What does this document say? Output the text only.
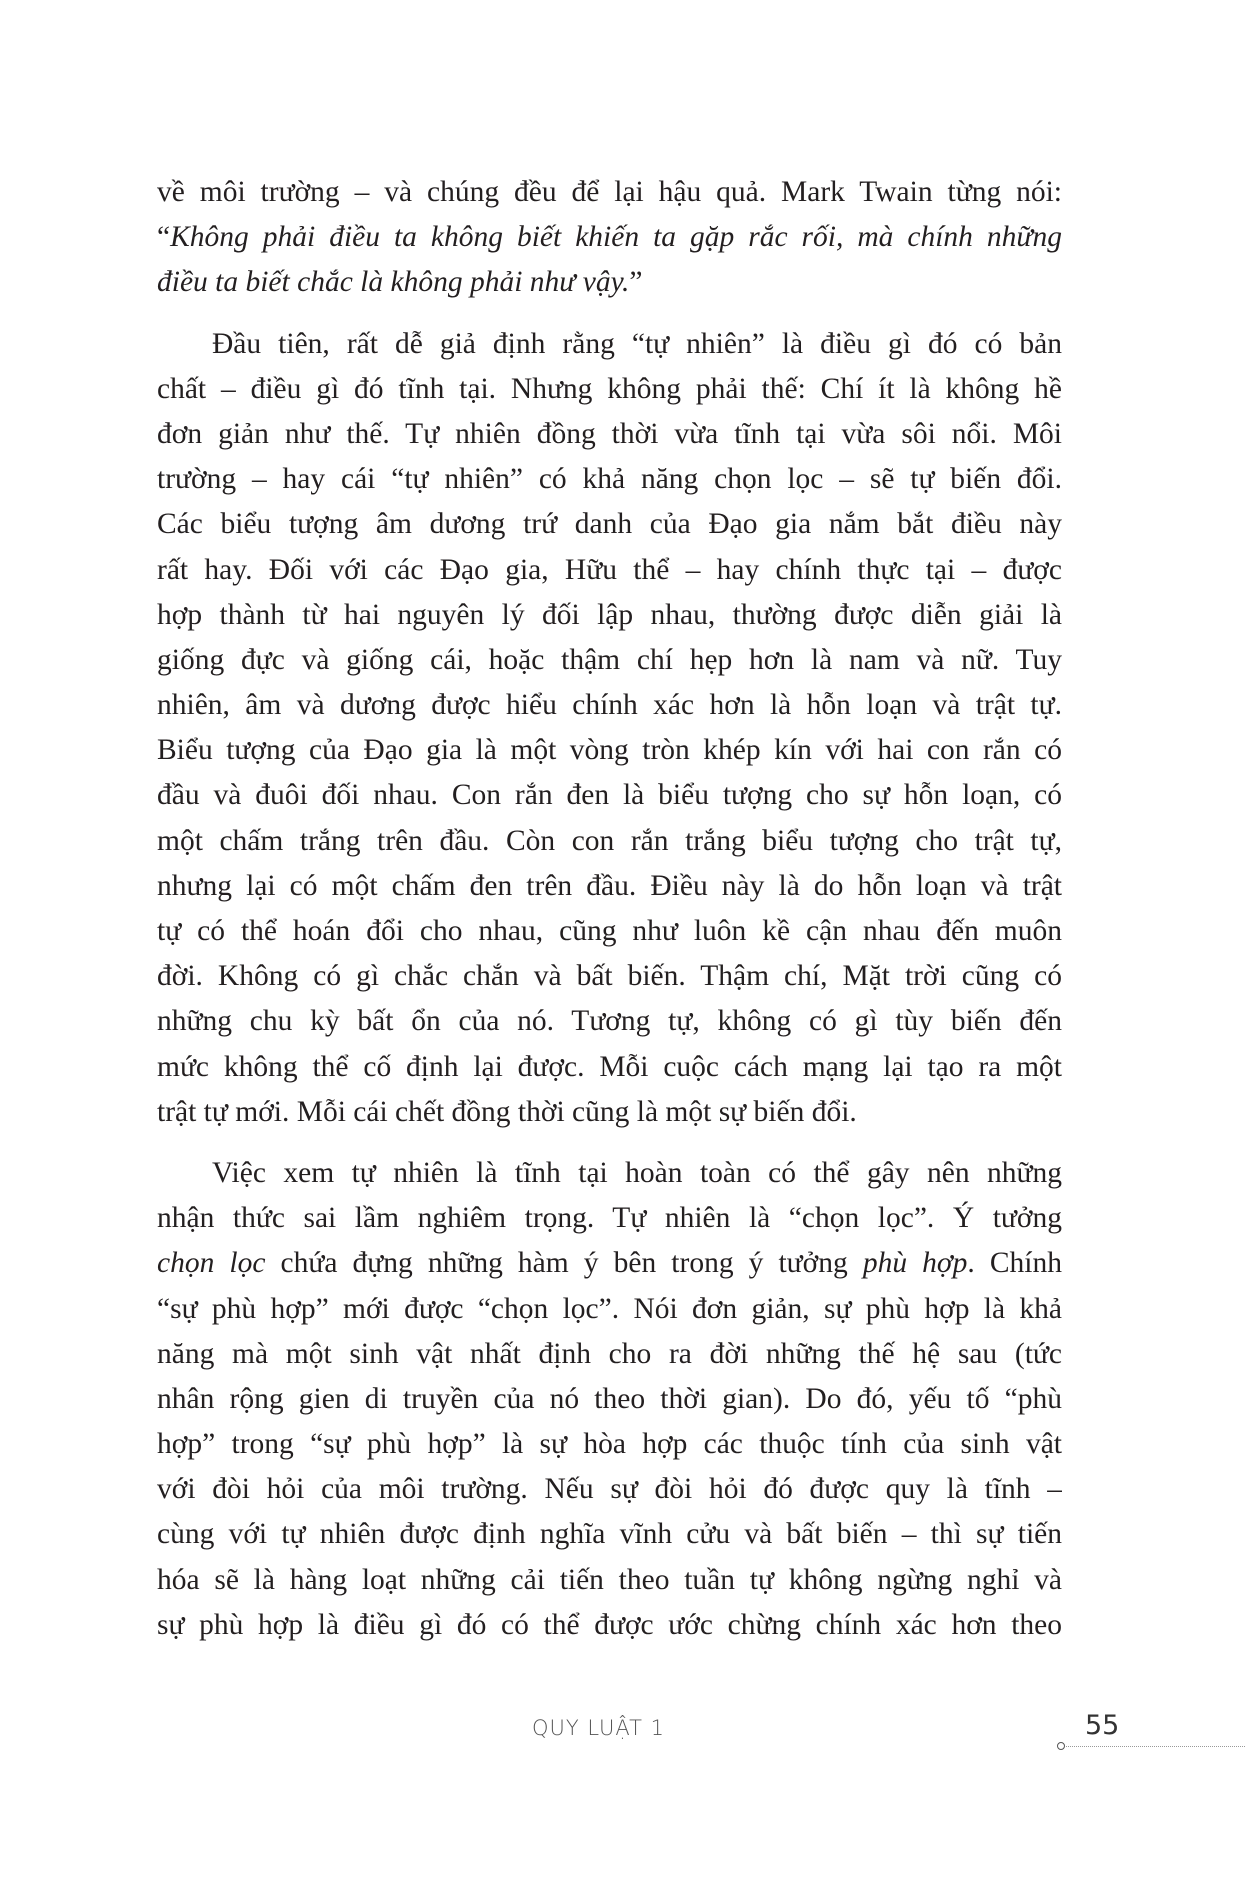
về môi trường – và chúng đều để lại hậu quả. Mark Twain từng nói:
“Không phải điều ta không biết khiến ta gặp rắc rối, mà chính những
điều ta biết chắc là không phải như vậy.”
Đầu tiên, rất dễ giả định rằng “tự nhiên” là điều gì đó có bản
chất – điều gì đó tĩnh tại. Nhưng không phải thế: Chí ít là không hề
đơn giản như thế. Tự nhiên đồng thời vừa tĩnh tại vừa sôi nổi. Môi
trường – hay cái “tự nhiên” có khả năng chọn lọc – sẽ tự biến đổi.
Các biểu tượng âm dương trứ danh của Đạo gia nắm bắt điều này
rất hay. Đối với các Đạo gia, Hữu thể – hay chính thực tại – được
hợp thành từ hai nguyên lý đối lập nhau, thường được diễn giải là
giống đực và giống cái, hoặc thậm chí hẹp hơn là nam và nữ. Tuy
nhiên, âm và dương được hiểu chính xác hơn là hỗn loạn và trật tự.
Biểu tượng của Đạo gia là một vòng tròn khép kín với hai con rắn có
đầu và đuôi đối nhau. Con rắn đen là biểu tượng cho sự hỗn loạn, có
một chấm trắng trên đầu. Còn con rắn trắng biểu tượng cho trật tự,
nhưng lại có một chấm đen trên đầu. Điều này là do hỗn loạn và trật
tự có thể hoán đổi cho nhau, cũng như luôn kề cận nhau đến muôn
đời. Không có gì chắc chắn và bất biến. Thậm chí, Mặt trời cũng có
những chu kỳ bất ổn của nó. Tương tự, không có gì tùy biến đến
mức không thể cố định lại được. Mỗi cuộc cách mạng lại tạo ra một
trật tự mới. Mỗi cái chết đồng thời cũng là một sự biến đổi.
Việc xem tự nhiên là tĩnh tại hoàn toàn có thể gây nên những
nhận thức sai lầm nghiêm trọng. Tự nhiên là “chọn lọc”. Ý tưởng
chọn lọc chứa đựng những hàm ý bên trong ý tưởng phù hợp. Chính
“sự phù hợp” mới được “chọn lọc”. Nói đơn giản, sự phù hợp là khả
năng mà một sinh vật nhất định cho ra đời những thế hệ sau (tức
nhân rộng gien di truyền của nó theo thời gian). Do đó, yếu tố “phù
hợp” trong “sự phù hợp” là sự hòa hợp các thuộc tính của sinh vật
với đòi hỏi của môi trường. Nếu sự đòi hỏi đó được quy là tĩnh –
cùng với tự nhiên được định nghĩa vĩnh cửu và bất biến – thì sự tiến
hóa sẽ là hàng loạt những cải tiến theo tuần tự không ngừng nghỉ và
sự phù hợp là điều gì đó có thể được ước chừng chính xác hơn theo
QUY LUẬT 1	55
